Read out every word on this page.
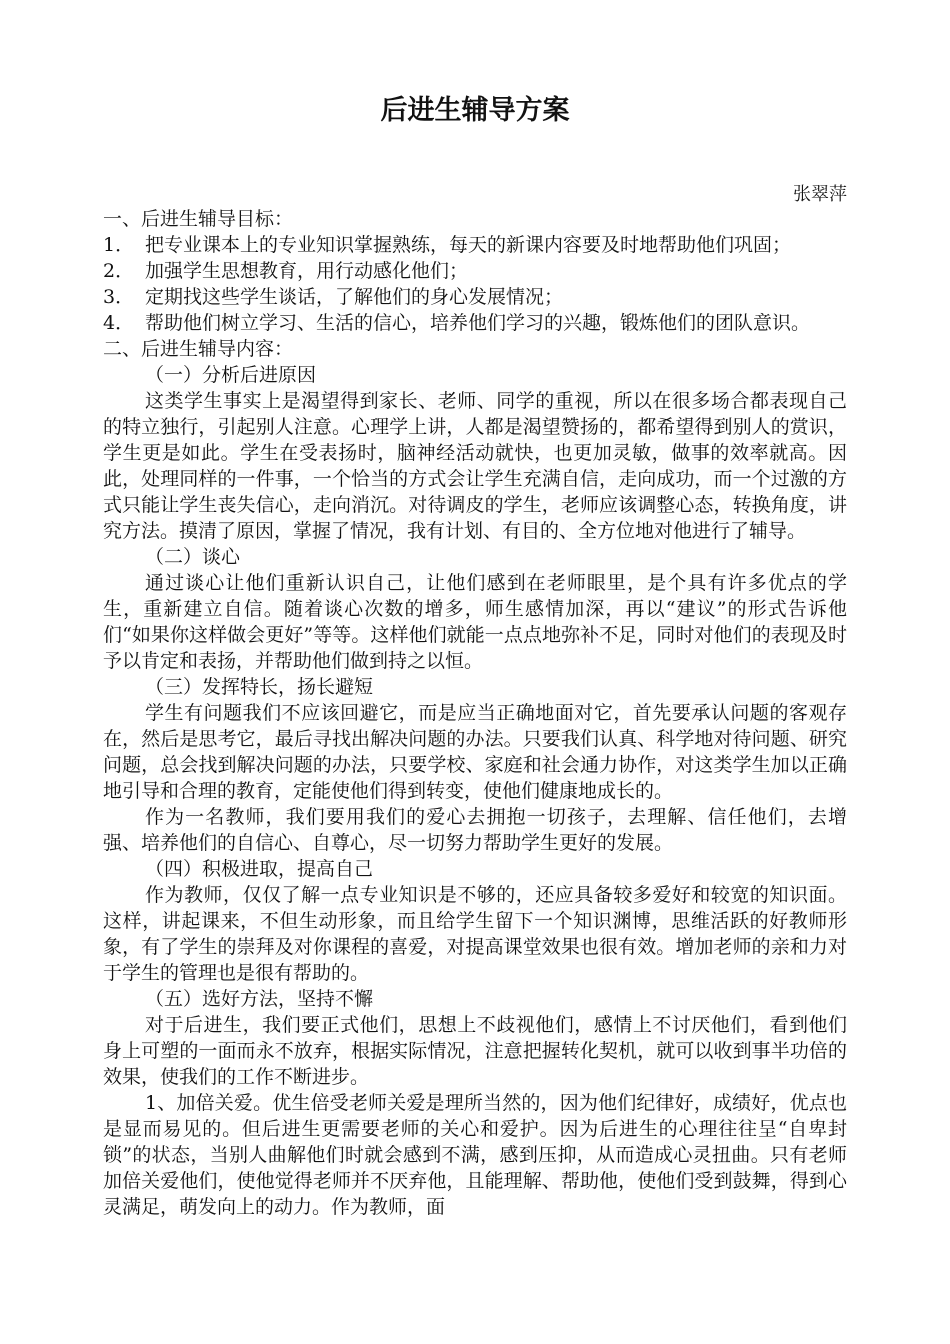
后进生辅导方案

张翠萍

一、后进生辅导目标：

1． 把专业课本上的专业知识掌握熟练，每天的新课内容要及时地帮助他们巩固；
2． 加强学生思想教育，用行动感化他们；
3． 定期找这些学生谈话，了解他们的身心发展情况；
4． 帮助他们树立学习、生活的信心，培养他们学习的兴趣，锻炼他们的团队意识。

二、后进生辅导内容：

（一）分析后进原因

这类学生事实上是渴望得到家长、老师、同学的重视，所以在很多场合都表现自己的特立独行，引起别人注意。心理学上讲，人都是渴望赞扬的，都希望得到别人的赏识，学生更是如此。学生在受表扬时，脑神经活动就快，也更加灵敏，做事的效率就高。因此，处理同样的一件事，一个恰当的方式会让学生充满自信，走向成功，而一个过激的方式只能让学生丧失信心，走向消沉。对待调皮的学生，老师应该调整心态，转换角度，讲究方法。摸清了原因，掌握了情况，我有计划、有目的、全方位地对他进行了辅导。

（二）谈心

通过谈心让他们重新认识自己，让他们感到在老师眼里，是个具有许多优点的学生，重新建立自信。随着谈心次数的增多，师生感情加深，再以“建议”的形式告诉他们“如果你这样做会更好”等等。这样他们就能一点点地弥补不足，同时对他们的表现及时予以肯定和表扬，并帮助他们做到持之以恒。

（三）发挥特长，扬长避短

学生有问题我们不应该回避它，而是应当正确地面对它，首先要承认问题的客观存在，然后是思考它，最后寻找出解决问题的办法。只要我们认真、科学地对待问题、研究问题，总会找到解决问题的办法，只要学校、家庭和社会通力协作，对这类学生加以正确地引导和合理的教育，定能使他们得到转变，使他们健康地成长的。

作为一名教师，我们要用我们的爱心去拥抱一切孩子，去理解、信任他们，去增强、培养他们的自信心、自尊心，尽一切努力帮助学生更好的发展。

（四）积极进取，提高自己

作为教师，仅仅了解一点专业知识是不够的，还应具备较多爱好和较宽的知识面。这样，讲起课来，不但生动形象，而且给学生留下一个知识渊博，思维活跃的好教师形象，有了学生的崇拜及对你课程的喜爱，对提高课堂效果也很有效。增加老师的亲和力对于学生的管理也是很有帮助的。

（五）选好方法，坚持不懈

对于后进生，我们要正式他们，思想上不歧视他们，感情上不讨厌他们，看到他们身上可塑的一面而永不放弃，根据实际情况，注意把握转化契机，就可以收到事半功倍的效果，使我们的工作不断进步。

1、加倍关爱。优生倍受老师关爱是理所当然的，因为他们纪律好，成绩好，优点也是显而易见的。但后进生更需要老师的关心和爱护。因为后进生的心理往往呈“自卑封锁”的状态，当别人曲解他们时就会感到不满，感到压抑，从而造成心灵扭曲。只有老师加倍关爱他们，使他觉得老师并不厌弃他，且能理解、帮助他，使他们受到鼓舞，得到心灵满足，萌发向上的动力。作为教师，面
